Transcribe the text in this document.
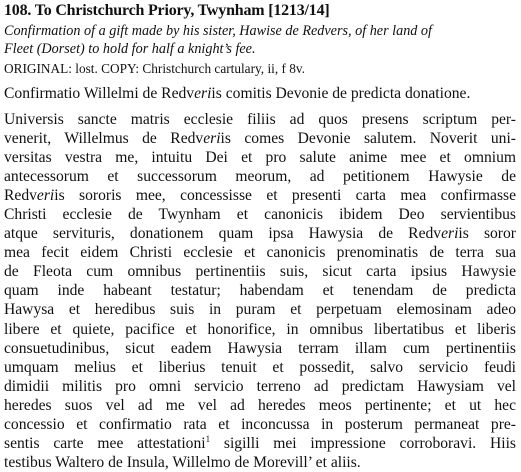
108. To Christchurch Priory, Twynham [1213/14]
Confirmation of a gift made by his sister, Hawise de Redvers, of her land of
Fleet (Dorset) to hold for half a knight’s fee.
ORIGINAL: lost. COPY: Christchurch cartulary, ii, f 8v.
Confirmatio Willelmi de Redveriis comitis Devonie de predicta donatione.
Universis sancte matris ecclesie filiis ad quos presens scriptum per-
venerit, Willelmus de Redveriis comes Devonie salutem. Noverit uni-
versitas vestra me, intuitu Dei et pro salute anime mee et omnium
antecessorum et successorum meorum, ad petitionem Hawysie de
Redveriis sororis mee, concessisse et presenti carta mea confirmasse
Christi ecclesie de Twynham et canonicis ibidem Deo servientibus
atque servituris, donationem quam ipsa Hawysia de Redveriis soror
mea fecit eidem Christi ecclesie et canonicis prenominatis de terra sua
de Fleota cum omnibus pertinentiis suis, sicut carta ipsius Hawysie
quam inde habeant testatur; habendam et tenendam de predicta
Hawysa et heredibus suis in puram et perpetuam elemosinam adeo
libere et quiete, pacifice et honorifice, in omnibus libertatibus et liberis
consuetudinibus, sicut eadem Hawysia terram illam cum pertinentiis
umquam melius et liberius tenuit et possedit, salvo servicio feudi
dimidii militis pro omni servicio terreno ad predictam Hawysiam vel
heredes suos vel ad me vel ad heredes meos pertinente; et ut hec
concessio et confirmatio rata et inconcussa in posterum permaneat pre-
sentis carte mee attestationi$^1$ sigilli mei impressione corroboravi. Hiis
testibus Waltero de Insula, Willelmo de Morevill’ et aliis.
